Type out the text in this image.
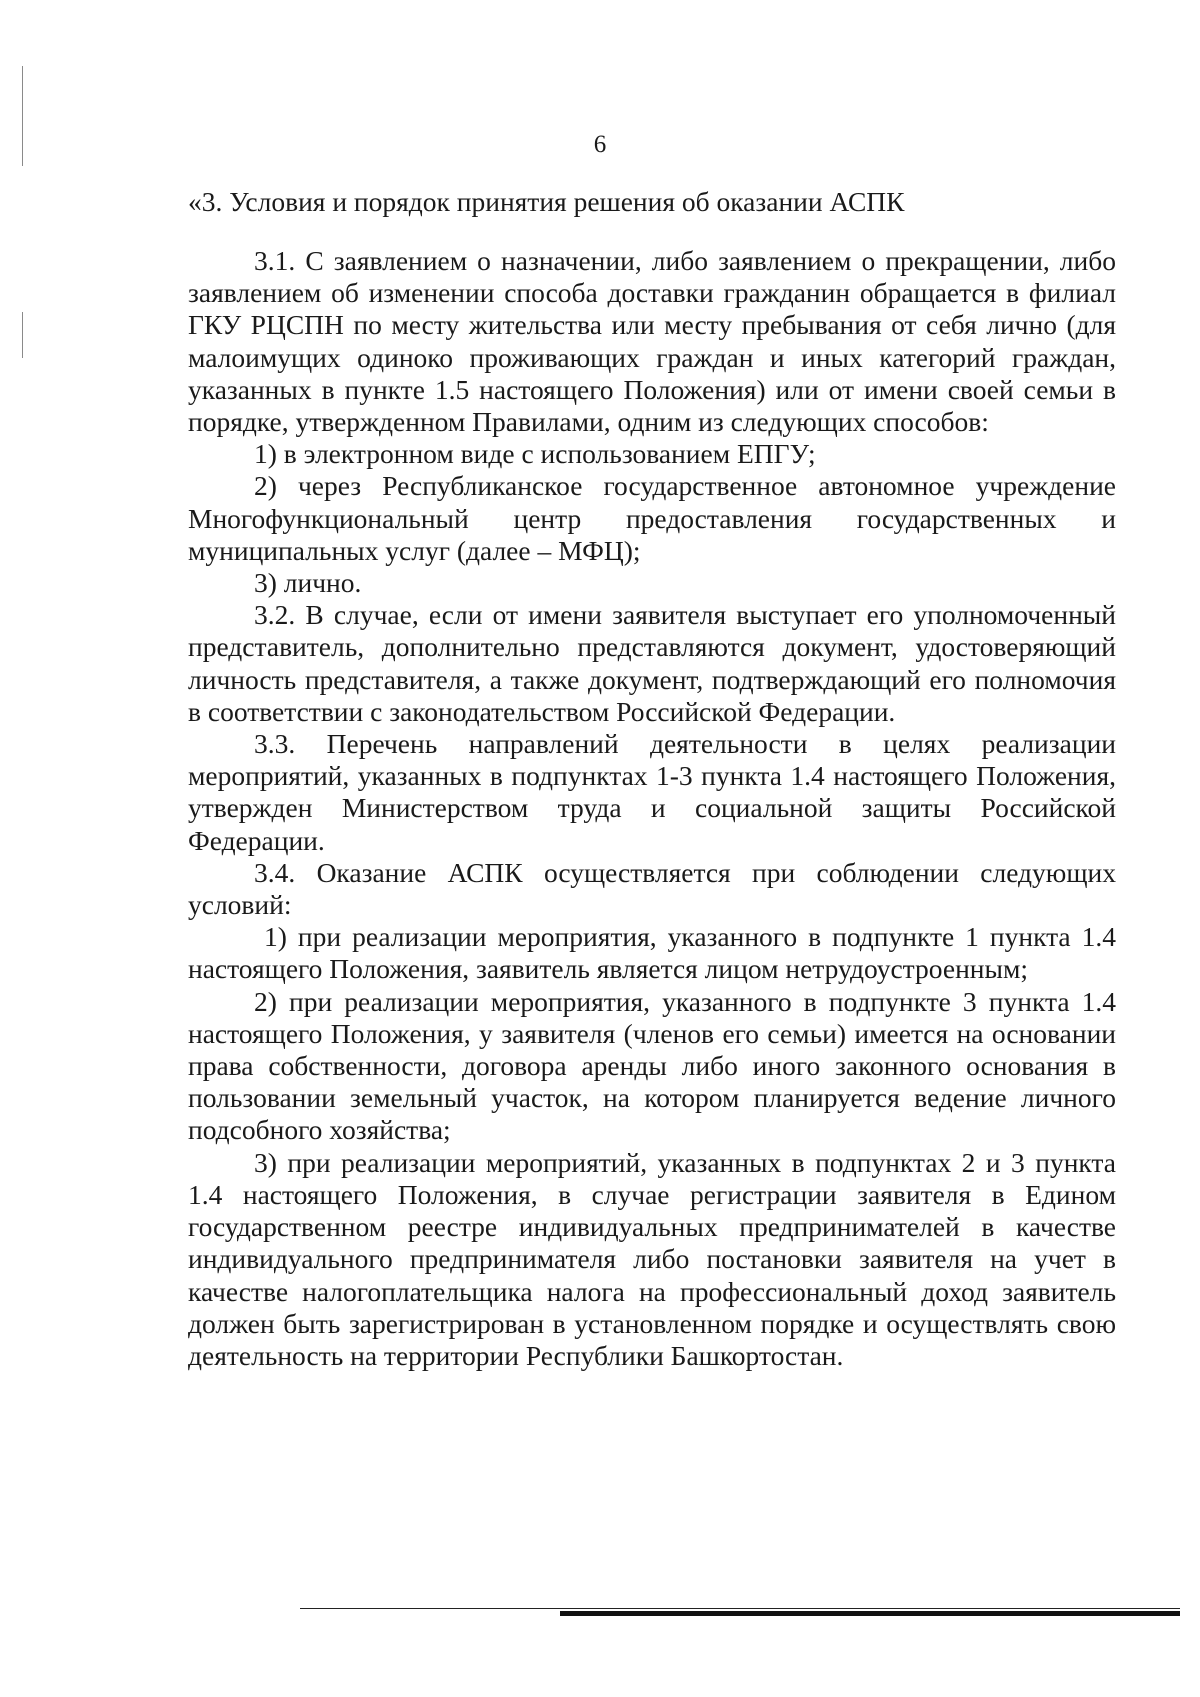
6
«3. Условия и порядок принятия решения об оказании АСПК

3.1. С заявлением о назначении, либо заявлением о прекращении, либо заявлением об изменении способа доставки гражданин обращается в филиал ГКУ РЦСПН по месту жительства или месту пребывания от себя лично (для малоимущих одиноко проживающих граждан и иных категорий граждан, указанных в пункте 1.5 настоящего Положения) или от имени своей семьи в порядке, утвержденном Правилами, одним из следующих способов:

1) в электронном виде с использованием ЕПГУ;

2) через Республиканское государственное автономное учреждение Многофункциональный центр предоставления государственных и муниципальных услуг (далее – МФЦ);

3) лично.

3.2. В случае, если от имени заявителя выступает его уполномоченный представитель, дополнительно представляются документ, удостоверяющий личность представителя, а также документ, подтверждающий его полномочия в соответствии с законодательством Российской Федерации.

3.3. Перечень направлений деятельности в целях реализации мероприятий, указанных в подпунктах 1-3 пункта 1.4 настоящего Положения, утвержден Министерством труда и социальной защиты Российской Федерации.

3.4. Оказание АСПК осуществляется при соблюдении следующих условий:

1) при реализации мероприятия, указанного в подпункте 1 пункта 1.4 настоящего Положения, заявитель является лицом нетрудоустроенным;

2) при реализации мероприятия, указанного в подпункте 3 пункта 1.4 настоящего Положения, у заявителя (членов его семьи) имеется на основании права собственности, договора аренды либо иного законного основания в пользовании земельный участок, на котором планируется ведение личного подсобного хозяйства;

3) при реализации мероприятий, указанных в подпунктах 2 и 3 пункта 1.4 настоящего Положения, в случае регистрации заявителя в Едином государственном реестре индивидуальных предпринимателей в качестве индивидуального предпринимателя либо постановки заявителя на учет в качестве налогоплательщика налога на профессиональный доход заявитель должен быть зарегистрирован в установленном порядке и осуществлять свою деятельность на территории Республики Башкортостан.
